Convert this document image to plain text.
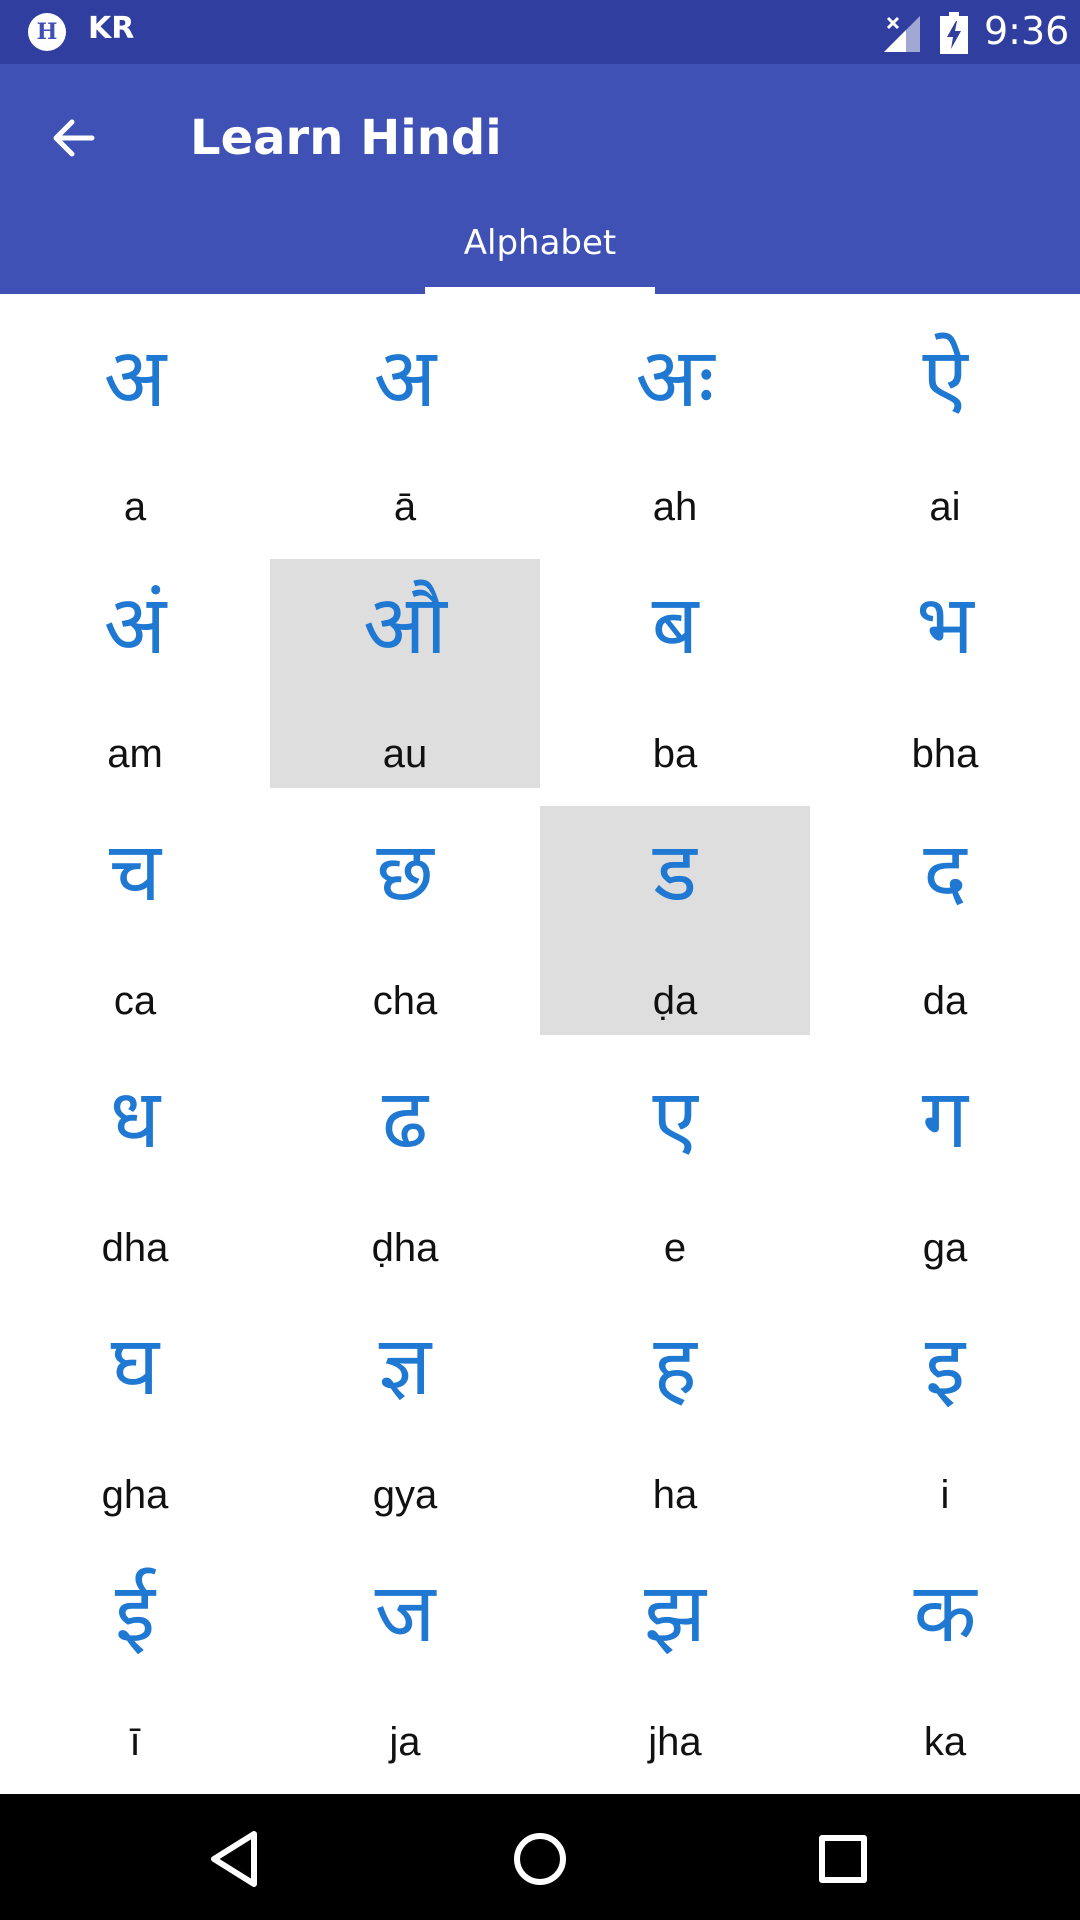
H KR	9:36
Learn Hindi
Alphabet
अ
a
अ
ā
अः
ah
ऐ
ai
अं
am
औ
au
ब
ba
भ
bha
च
ca
छ
cha
ड
ḍa
द
da
ध
dha
ढ
ḍha
ए
e
ग
ga
घ
gha
ज्ञ
gya
ह
ha
इ
i
ई
ī
ज
ja
झ
jha
क
ka
